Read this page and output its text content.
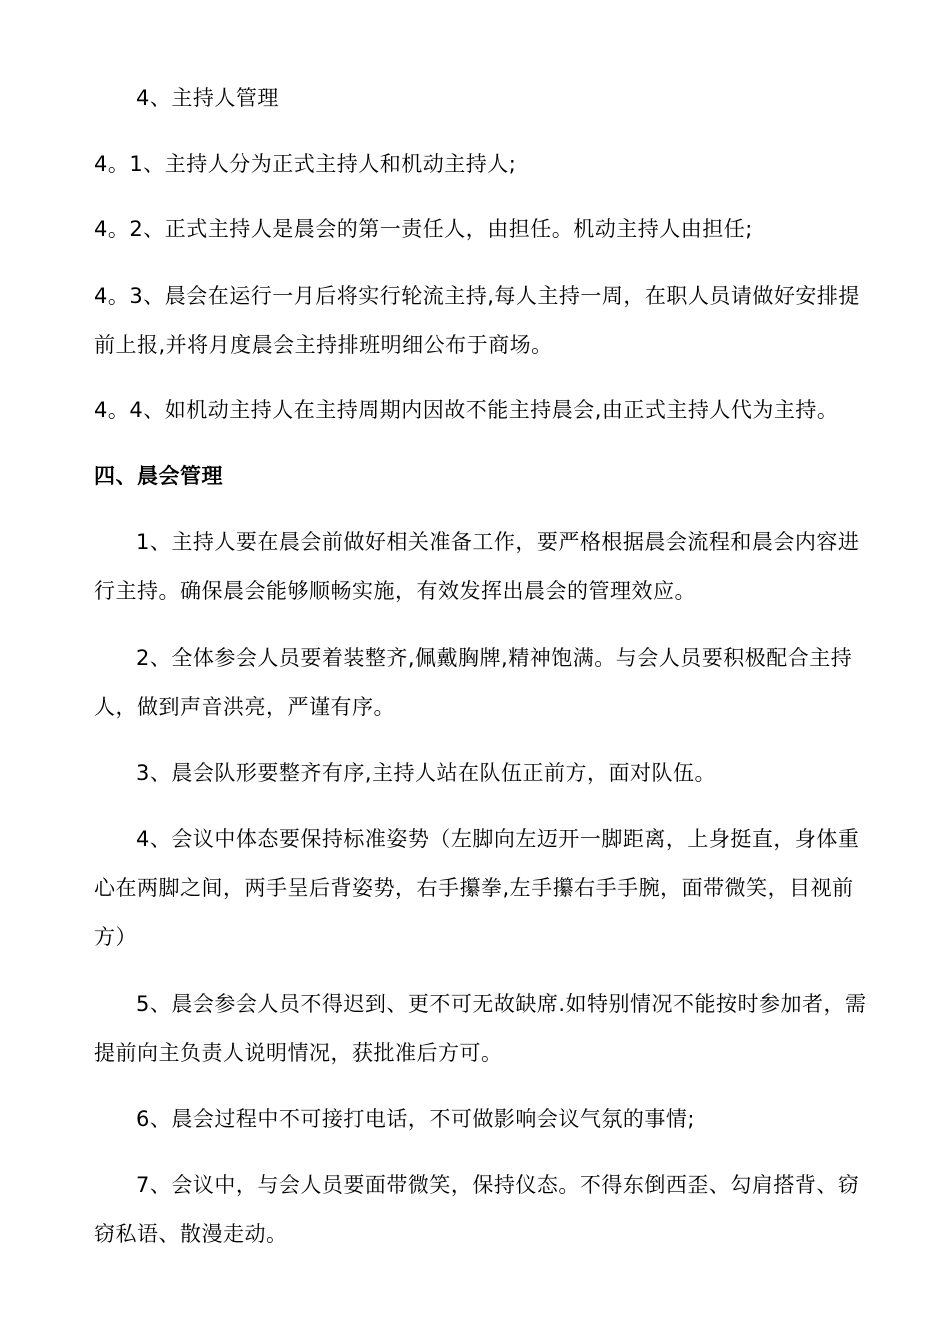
4、主持人管理

4。1、主持人分为正式主持人和机动主持人;

4。2、正式主持人是晨会的第一责任人，由担任。机动主持人由担任;

4。3、晨会在运行一月后将实行轮流主持,每人主持一周，在职人员请做好安排提前上报,并将月度晨会主持排班明细公布于商场。

4。4、如机动主持人在主持周期内因故不能主持晨会,由正式主持人代为主持。

四、晨会管理

1、主持人要在晨会前做好相关准备工作，要严格根据晨会流程和晨会内容进行主持。确保晨会能够顺畅实施，有效发挥出晨会的管理效应。

2、全体参会人员要着装整齐,佩戴胸牌,精神饱满。与会人员要积极配合主持人，做到声音洪亮，严谨有序。

3、晨会队形要整齐有序,主持人站在队伍正前方，面对队伍。

4、会议中体态要保持标准姿势（左脚向左迈开一脚距离，上身挺直，身体重心在两脚之间，两手呈后背姿势，右手攥拳,左手攥右手手腕，面带微笑，目视前方）

5、晨会参会人员不得迟到、更不可无故缺席.如特别情况不能按时参加者，需提前向主负责人说明情况，获批准后方可。

6、晨会过程中不可接打电话，不可做影响会议气氛的事情;

7、会议中，与会人员要面带微笑，保持仪态。不得东倒西歪、勾肩搭背、窃窃私语、散漫走动。
